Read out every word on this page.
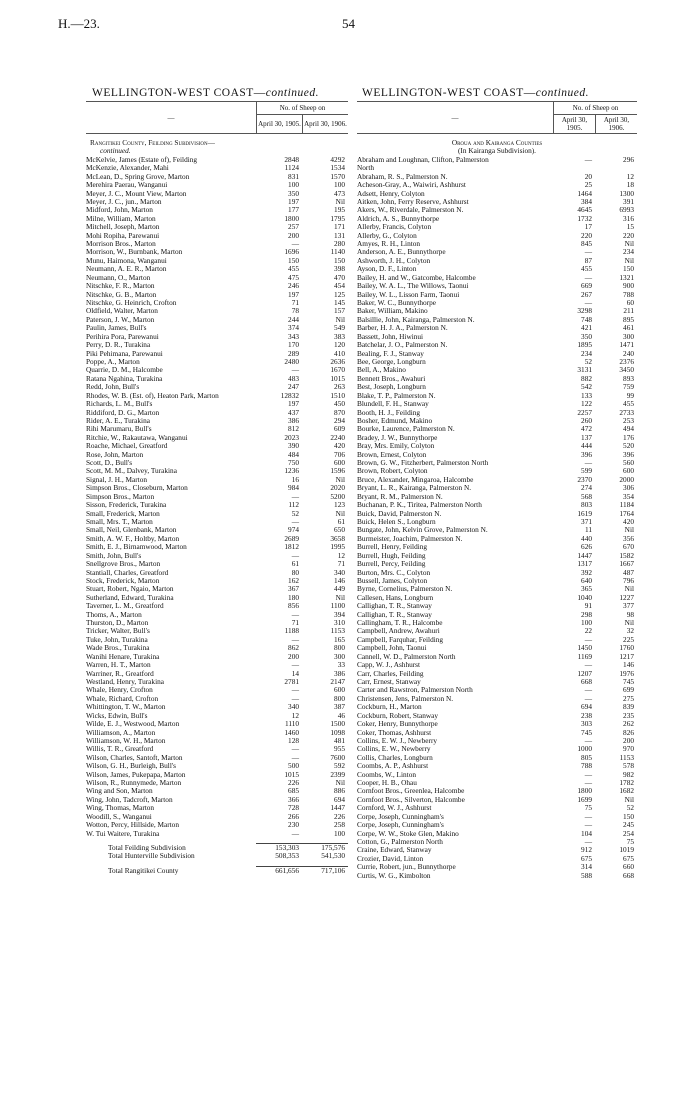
H.—23.	54
WELLINGTON-WEST COAST—continued.	WELLINGTON-WEST COAST—continued.
—	No. of Sheep on	
	April 30, 1905.	April 30, 1906.

Rangitikei County, Feilding Subdivision—		
continued.		
McKelvie, James (Estate of), Feilding	2848	4292
McKenzie, Alexander, Mahi	1124	1534
McLean, D., Spring Grove, Marton	831	1570
Merehira Paerau, Wanganui	100	100
Meyer, J. C., Mount View, Marton	350	473
Meyer, J. C., jun., Marton	197	Nil
Midford, John, Marton	177	195
Milne, William, Marton	1800	1795
Mitchell, Joseph, Marton	257	171
Mohi Ropiha, Parewanui	200	131
Morrison Bros., Marton	—	280
Morrison, W., Burnbank, Marton	1696	1140
Munu, Haimona, Wanganui	150	150
Neumann, A. E. R., Marton	455	398
Neumann, O., Marton	475	470
Nitschke, F. R., Marton	246	454
Nitschke, G. B., Marton	197	125
Nitschke, G. Heinrich, Crofton	71	145
Oldfield, Walter, Marton	78	157
Paterson, J. W., Marton	244	Nil
Paulin, James, Bull's	374	549
Perihira Pora, Parewanui	343	383
Perry, D. R., Turakina	170	120
Piki Pehimana, Parewanui	289	410
Poppe, A., Marton	2480	2636
Quarrie, D. M., Halcombe	—	1670
Ratana Ngahina, Turakina	483	1015
Redd, John, Bull's	247	263
Rhodes, W. B. (Est. of), Heaton Park, Marton	12832	1510
Richards, L. M., Bull's	197	450
Riddiford, D. G., Marton	437	870
Rider, A. E., Turakina	386	294
Rihi Marumaru, Bull's	812	609
Ritchie, W., Rakautawa, Wanganui	2023	2240
Roache, Michael, Greatford	390	420
Rose, John, Marton	484	706
Scott, D., Bull's	750	600
Scott, M. M., Dalvey, Turakina	1236	1596
Signal, J. H., Marton	16	Nil
Simpson Bros., Closeburn, Marton	984	2020
Simpson Bros., Marton	—	5200
Sisson, Frederick, Turakina	112	123
Small, Frederick, Marton	52	Nil
Small, Mrs. T., Marton	—	61
Small, Neil, Glenbank, Marton	974	650
Smith, A. W. F., Holtby, Marton	2689	3658
Smith, E. J., Birnamwood, Marton	1812	1995
Smith, John, Bull's	—	12
Snellgrove Bros., Marton	61	71
Stantiall, Charles, Greatford	80	340
Stock, Frederick, Marton	162	146
Stuart, Robert, Ngaio, Marton	367	449
Sutherland, Edward, Turakina	180	Nil
Taverner, L. M., Greatford	856	1100
Thoms, A., Marton	—	394
Thurston, D., Marton	71	310
Tricker, Walter, Bull's	1188	1153
Tuke, John, Turakina	—	165
Wade Bros., Turakina	862	800
Wanihi Henare, Turakina	200	300
Warren, H. T., Marton	—	33
Warriner, R., Greatford	14	386
Westland, Henry, Turakina	2781	2147
Whale, Henry, Crofton	—	600
Whale, Richard, Crofton	—	800
Whittington, T. W., Marton	340	387
Wicks, Edwin, Bull's	12	46
Wilde, E. J., Westwood, Marton	1110	1500
Williamson, A., Marton	1460	1098
Williamson, W. H., Marton	128	481
Willis, T. R., Greatford	—	955
Wilson, Charles, Santoft, Marton	—	7600
Wilson, G. H., Burleigh, Bull's	500	592
Wilson, James, Pukepapa, Marton	1015	2399
Wilson, R., Runnymede, Marton	226	Nil
Wing and Son, Marton	685	886
Wing, John, Tadcroft, Marton	366	694
Wing, Thomas, Marton	728	1447
Woodill, S., Wanganui	266	226
Wotton, Percy, Hillside, Marton	230	258
W. Tui Waitere, Turakina	—	100

Total Feilding Subdivision	153,303	175,576
Total Hunterville Subdivision	508,353	541,530

Total Rangitikei County	661,656	717,106
—	No. of Sheep on	
	April 30, 1905.	April 30, 1906.

Oroua and Kairanga Counties		
(In Kairanga Subdivision).		
Abraham and Loughnan, Clifton, Palmerston	—	296
North		
Abraham, R. S., Palmerston N.	20	12
Acheson-Gray, A., Waiwiri, Ashhurst	25	18
Adsett, Henry, Colyton	1464	1300
Aitken, John, Ferry Reserve, Ashhurst	384	391
Akers, W., Riverdale, Palmerston N.	4645	6993
Aldrich, A. S., Bunnythorpe	1732	316
Allerby, Francis, Colyton	17	15
Allerby, G., Colyton	220	220
Amyes, R. H., Linton	845	Nil
Anderson, A. E., Bunnythorpe	—	234
Ashworth, J. H., Colyton	87	Nil
Ayson, D. F., Linton	455	150
Bailey, H. and W., Gatcombe, Halcombe	—	1321
Bailey, W. A. L., The Willows, Taonui	669	900
Bailey, W. L., Lisson Farm, Taonui	267	788
Baker, W. C., Bunnythorpe	—	60
Baker, William, Makino	3298	211
Balsillie, John, Kairanga, Palmerston N.	748	895
Barber, H. J. A., Palmerston N.	421	461
Bassett, John, Hiwinui	350	300
Batchelar, J. O., Palmerston N.	1895	1471
Bealing, F. J., Stanway	234	240
Bee, George, Longburn	52	2376
Bell, A., Makino	3131	3450
Bennett Bros., Awahuri	882	893
Best, Joseph, Longburn	542	759
Blake, T. P., Palmerston N.	133	99
Blundell, F. H., Stanway	122	455
Booth, H. J., Feilding	2257	2733
Bosher, Edmund, Makino	260	253
Bourke, Laurence, Palmerston N.	472	494
Bradey, J. W., Bunnythorpe	137	176
Bray, Mrs. Emily, Colyton	444	520
Brown, Ernest, Colyton	396	396
Brown, G. W., Fitzherbert, Palmerston North	—	560
Brown, Robert, Colyton	599	600
Bruce, Alexander, Mingaroa, Halcombe	2370	2000
Bryant, L. R., Kairanga, Palmerston N.	274	306
Bryant, R. M., Palmerston N.	568	354
Buchanan, P. K., Tiritea, Palmerston North	803	1184
Buick, David, Palmerston N.	1619	1764
Buick, Helen S., Longburn	371	420
Bungate, John, Kelvin Grove, Palmerston N.	11	Nil
Burmeister, Joachim, Palmerston N.	440	356
Burrell, Henry, Feilding	626	670
Burrell, Hugh, Feilding	1447	1582
Burrell, Percy, Feilding	1317	1667
Burton, Mrs. C., Colyton	392	487
Bussell, James, Colyton	640	796
Byrne, Cornelius, Palmerston N.	365	Nil
Callesen, Hans, Longburn	1040	1227
Callighan, T. R., Stanway	91	377
Callighan, T. R., Stanway	298	98
Callingham, T. R., Halcombe	100	Nil
Campbell, Andrew, Awahuri	22	32
Campbell, Farquhar, Feilding	—	225
Campbell, John, Taonui	1450	1760
Cannell, W. D., Palmerston North	1169	1217
Capp, W. J., Ashhurst	—	146
Carr, Charles, Feilding	1207	1976
Carr, Ernest, Stanway	668	745
Carter and Rawstron, Palmerston North	—	699
Christensen, Jens, Palmerston N.	—	275
Cockburn, H., Marton	694	839
Cockburn, Robert, Stanway	238	235
Coker, Henry, Bunnythorpe	303	262
Coker, Thomas, Ashhurst	745	826
Collins, E. W. J., Newberry	—	200
Collins, E. W., Newberry	1000	970
Collis, Charles, Longburn	805	1153
Coombs, A. P., Ashhurst	788	578
Coombs, W., Linton	—	982
Cooper, H. B., Ohau	—	1782
Cornfoot Bros., Greenlea, Halcombe	1800	1682
Cornfoot Bros., Silverton, Halcombe	1699	Nil
Cornford, W. J., Ashhurst	75	52
Corpe, Joseph, Cunningham's	—	150
Corpe, Joseph, Cunningham's	—	245
Corpe, W. W., Stoke Glen, Makino	104	254
Cotton, G., Palmerston North	—	75
Craine, Edward, Stanway	912	1019
Crozier, David, Linton	675	675
Currie, Robert, jun., Bunnythorpe	314	660
Curtis, W. G., Kimbolton	588	668
